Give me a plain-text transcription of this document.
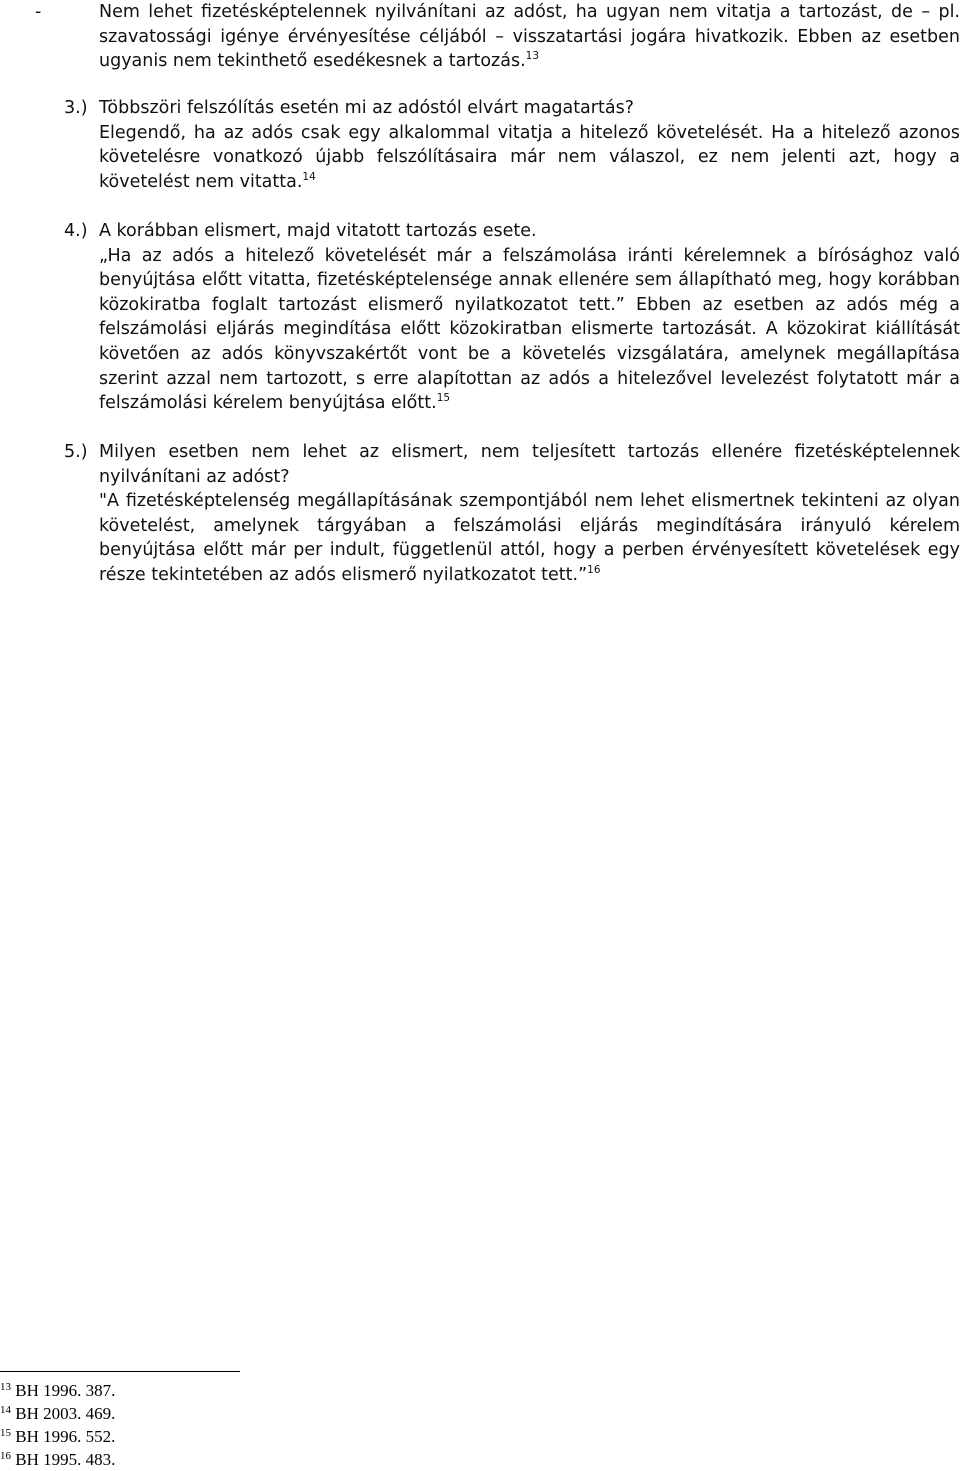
-	Nem lehet fizetésképtelennek nyilvánítani az adóst, ha ugyan nem vitatja a tartozást, de – pl. szavatossági igénye érvényesítése céljából – visszatartási jogára hivatkozik. Ebben az esetben ugyanis nem tekinthető esedékesnek a tartozás.$^{13}$
3.) Többszöri felszólítás esetén mi az adóstól elvárt magatartás?
Elegendő, ha az adós csak egy alkalommal vitatja a hitelező követelését. Ha a hitelező azonos követelésre vonatkozó újabb felszólításaira már nem válaszol, ez nem jelenti azt, hogy a követelést nem vitatta.$^{14}$
4.) A korábban elismert, majd vitatott tartozás esete.
„Ha az adós a hitelező követelését már a felszámolása iránti kérelemnek a bírósághoz való benyújtása előtt vitatta, fizetésképtelensége annak ellenére sem állapítható meg, hogy korábban közokiratba foglalt tartozást elismerő nyilatkozatot tett.” Ebben az esetben az adós még a felszámolási eljárás megindítása előtt közokiratban elismerte tartozását. A közokirat kiállítását követően az adós könyvszakértőt vont be a követelés vizsgálatára, amelynek megállapítása szerint azzal nem tartozott, s erre alapítottan az adós a hitelezővel levelezést folytatott már a felszámolási kérelem benyújtása előtt.$^{15}$
5.) Milyen esetben nem lehet az elismert, nem teljesített tartozás ellenére fizetésképtelennek nyilvánítani az adóst?
"A fizetésképtelenség megállapításának szempontjából nem lehet elismertnek tekinteni az olyan követelést, amelynek tárgyában a felszámolási eljárás megindítására irányuló kérelem benyújtása előtt már per indult, függetlenül attól, hogy a perben érvényesített követelések egy része tekintetében az adós elismerő nyilatkozatot tett.”$^{16}$
$^{13}$ BH 1996. 387.
$^{14}$ BH 2003. 469.
$^{15}$ BH 1996. 552.
$^{16}$ BH 1995. 483.
